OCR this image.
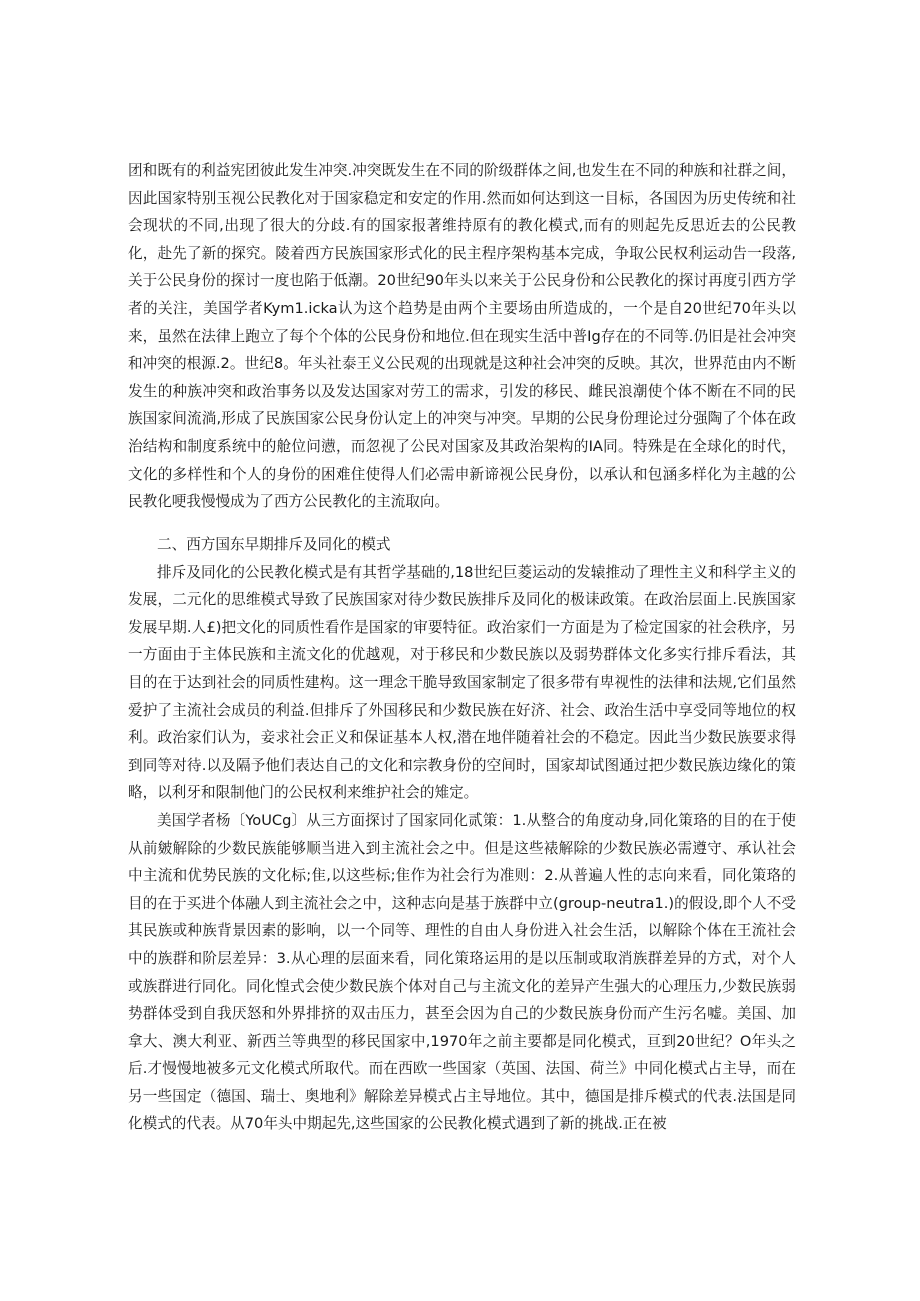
团和既有的利益宪团彼此发生冲突.冲突既发生在不同的阶级群体之间,也发生在不同的种族和社群之间，因此国家特别玉视公民教化对于国家稳定和安定的作用.然而如何达到这一目标，各国因为历史传统和社会现状的不同,出现了很大的分歧.有的国家报著维持原有的教化模式,而有的则起先反思近去的公民教化，赴先了新的探究。陵着西方民族国家形式化的民主程序架构基本完成，争取公民权利运动告一段落,关于公民身份的探讨一度也陷于低潮。20世纪90年头以来关于公民身份和公民教化的探讨再度引西方学者的关注，美国学者Kym1.icka认为这个趋势是由两个主要场由所造成的，一个是自20世纪70年头以来，虽然在法律上跑立了每个个体的公民身份和地位.但在现实生活中普Ig存在的不同等.仍旧是社会冲突和冲突的根源.2。世纪8。年头社泰王义公民观的出现就是这种社会冲突的反映。其次，世界范由内不断发生的种族冲突和政治事务以及发达国家对劳工的需求，引发的移民、雌民浪潮使个体不断在不同的民族国家间流淌,形成了民族国家公民身份认定上的冲突与冲突。早期的公民身份理论过分强陶了个体在政治结构和制度系统中的舱位问懑，而忽视了公民对国家及其政治架构的IA同。特殊是在全球化的时代，文化的多样性和个人的身份的困难住使得人们必需申新谛视公民身份，以承认和包涵多样化为主越的公民教化哽我慢慢成为了西方公民教化的主流取向。

二、西方国东早期排斥及同化的模式

排斥及同化的公民教化模式是有其哲学基础的,18世纪巨菱运动的发辕推动了理性主义和科学主义的发展，二元化的思维模式导致了民族国家对待少数民族排斥及同化的极诔政策。在政治层面上.民族国家发展早期.人£)把文化的同质性看作是国家的审要特征。政治家们一方面是为了检定国家的社会秩序，另一方面由于主体民族和主流文化的优越观，对于移民和少数民族以及弱势群体文化多实行排斥看法，其目的在于达到社会的同质性建构。这一理念干脆导致国家制定了很多带有卑视性的法律和法规,它们虽然爱护了主流社会成员的利益.但排斥了外国移民和少数民族在好济、社会、政治生活中享受同等地位的权利。政治家们认为，妾求社会正义和保证基本人权,潜在地伴随着社会的不稳定。因此当少数民族要求得到同等对待.以及隔予他们表达自己的文化和宗教身份的空间时，国家却试图通过把少数民族边缘化的策略，以利牙和限制他门的公民权利来维护社会的雉定。

美国学者杨〔YoUCg〕从三方面探讨了国家同化贰策：1.从整合的角度动身,同化策珞的目的在于使从前皴解除的少数民族能够顺当进入到主流社会之中。但是这些裱解除的少数民族必需遵守、承认社会中主流和优势民族的文化标;隹,以这些标;隹作为社会行为准则：2.从普遍人性的志向来看，同化策珞的目的在于买进个体融人到主流社会之中，这种志向是基于族群中立(group-neutra1.)的假设,即个人不受其民族或种族背景因素的影响，以一个同等、理性的自由人身份进入社会生活，以解除个体在王流社会中的族群和阶层差异：3.从心理的层面来看，同化策珞运用的是以压制或取消族群差异的方式，对个人或族群进行同化。同化惶式会使少数民族个体对自己与主流文化的差异产生强大的心理压力,少数民族弱势群体受到自我厌怒和外界排挤的双击压力，甚至会因为自己的少数民族身份而产生污名嘘。美国、加拿大、澳大利亚、新西兰等典型的移民国家中,1970年之前主要都是同化模式，亘到20世纪？O年头之后.才慢慢地被多元文化模式所取代。而在西欧一些国家（英国、法国、荷兰》中同化模式占主导，而在另一些国定（德国、瑞士、奥地利》解除差异模式占主导地位。其中，德国是排斥模式的代表.法国是同化模式的代表。从70年头中期起先,这些国家的公民教化模式遇到了新的挑战.正在被
